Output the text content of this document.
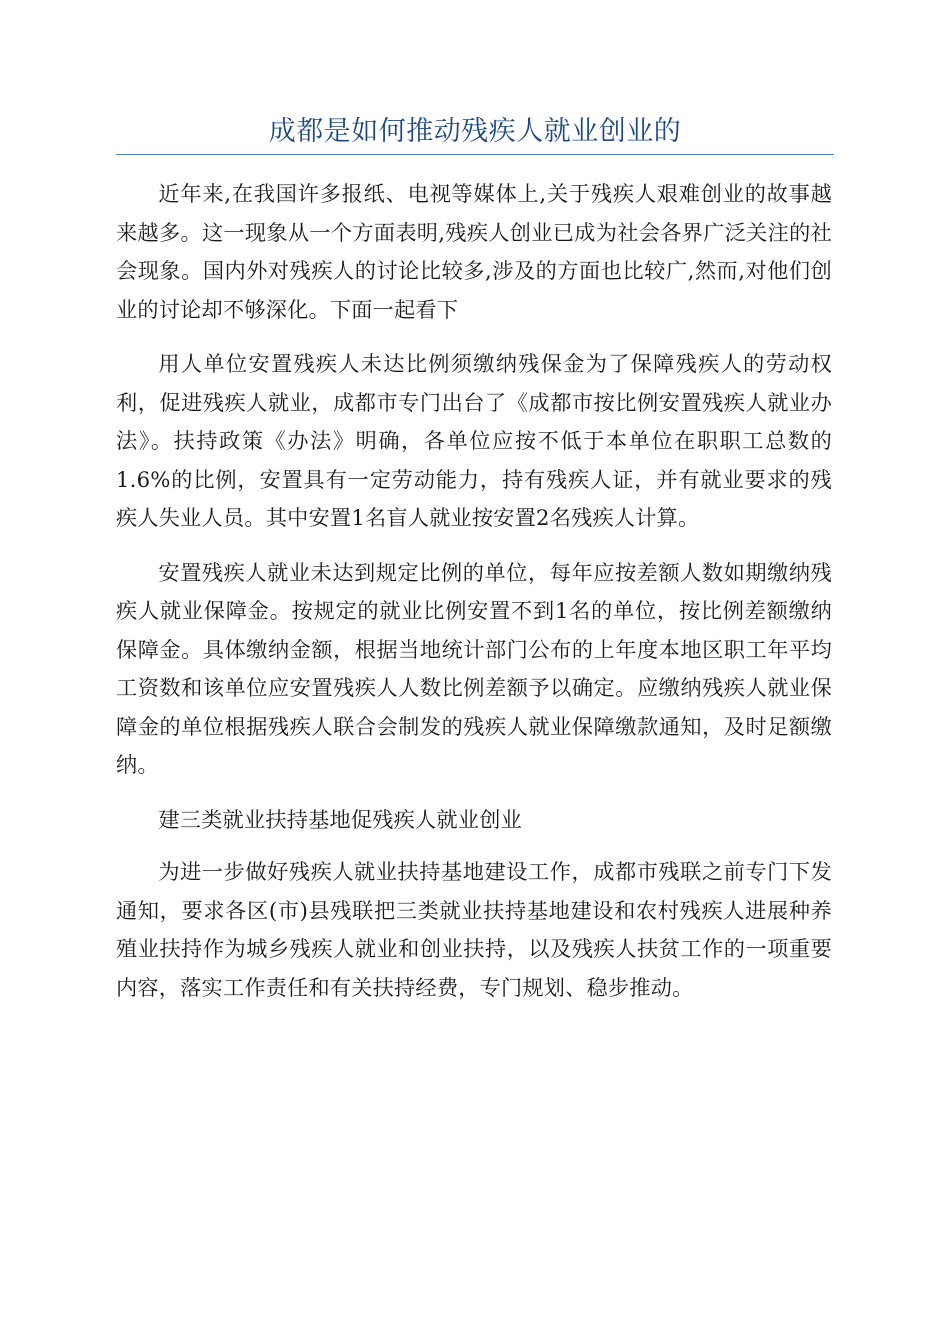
成都是如何推动残疾人就业创业的

近年来,在我国许多报纸、电视等媒体上,关于残疾人艰难创业的故事越来越多。这一现象从一个方面表明,残疾人创业已成为社会各界广泛关注的社会现象。国内外对残疾人的讨论比较多,涉及的方面也比较广,然而,对他们创业的讨论却不够深化。下面一起看下

用人单位安置残疾人未达比例须缴纳残保金为了保障残疾人的劳动权利，促进残疾人就业，成都市专门出台了《成都市按比例安置残疾人就业办法》。扶持政策《办法》明确，各单位应按不低于本单位在职职工总数的1.6%的比例，安置具有一定劳动能力，持有残疾人证，并有就业要求的残疾人失业人员。其中安置1名盲人就业按安置2名残疾人计算。

安置残疾人就业未达到规定比例的单位，每年应按差额人数如期缴纳残疾人就业保障金。按规定的就业比例安置不到1名的单位，按比例差额缴纳保障金。具体缴纳金额，根据当地统计部门公布的上年度本地区职工年平均工资数和该单位应安置残疾人人数比例差额予以确定。应缴纳残疾人就业保障金的单位根据残疾人联合会制发的残疾人就业保障缴款通知，及时足额缴纳。

建三类就业扶持基地促残疾人就业创业

为进一步做好残疾人就业扶持基地建设工作，成都市残联之前专门下发通知，要求各区(市)县残联把三类就业扶持基地建设和农村残疾人进展种养殖业扶持作为城乡残疾人就业和创业扶持，以及残疾人扶贫工作的一项重要内容，落实工作责任和有关扶持经费，专门规划、稳步推动。
